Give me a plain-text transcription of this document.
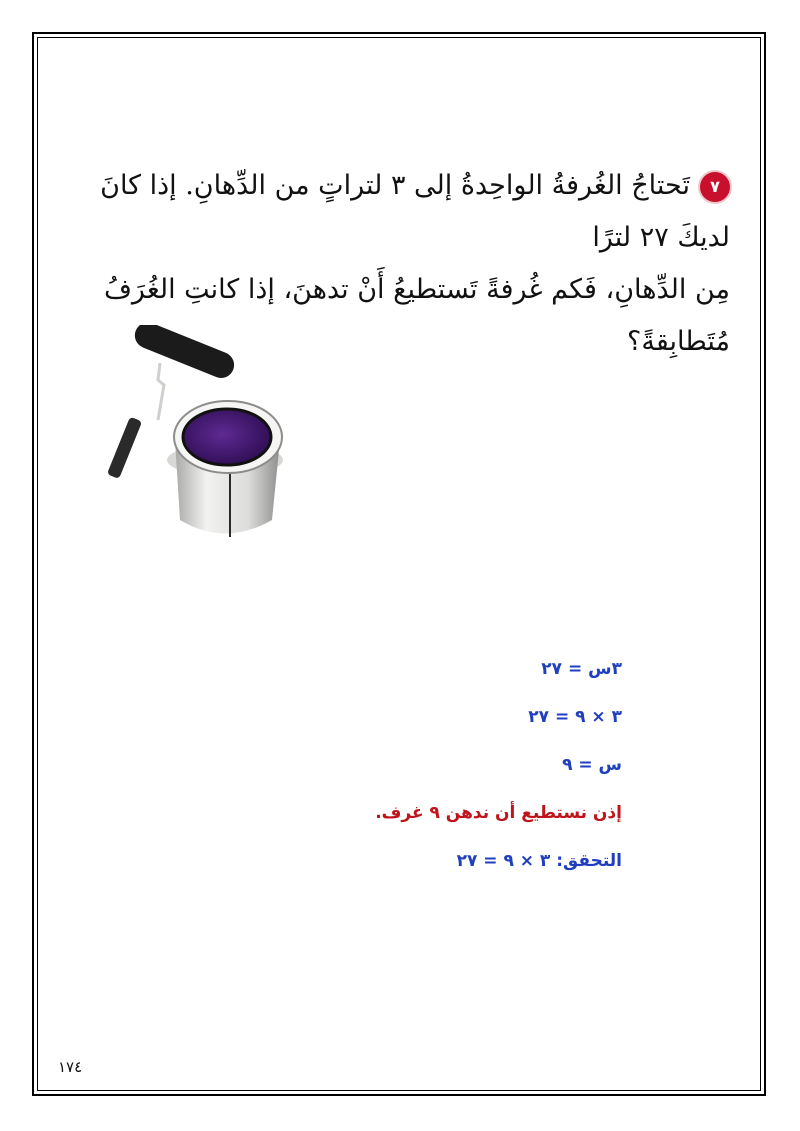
٧تَحتاجُ الغُرفةُ الواحِدةُ إلى ٣ لتراتٍ من الدِّهانِ. إذا كانَ لديكَ ٢٧ لترًا
مِن الدِّهانِ، فَكم غُرفةً تَستطيعُ أَنْ تدهنَ، إذا كانتِ الغُرَفُ مُتَطابِقةً؟
٣س = ٢٧
٣ × ٩ = ٢٧
س = ٩
إذن نستطيع أن ندهن ٩ غرف.
التحقق: ٣ × ٩ = ٢٧
١٧٤
